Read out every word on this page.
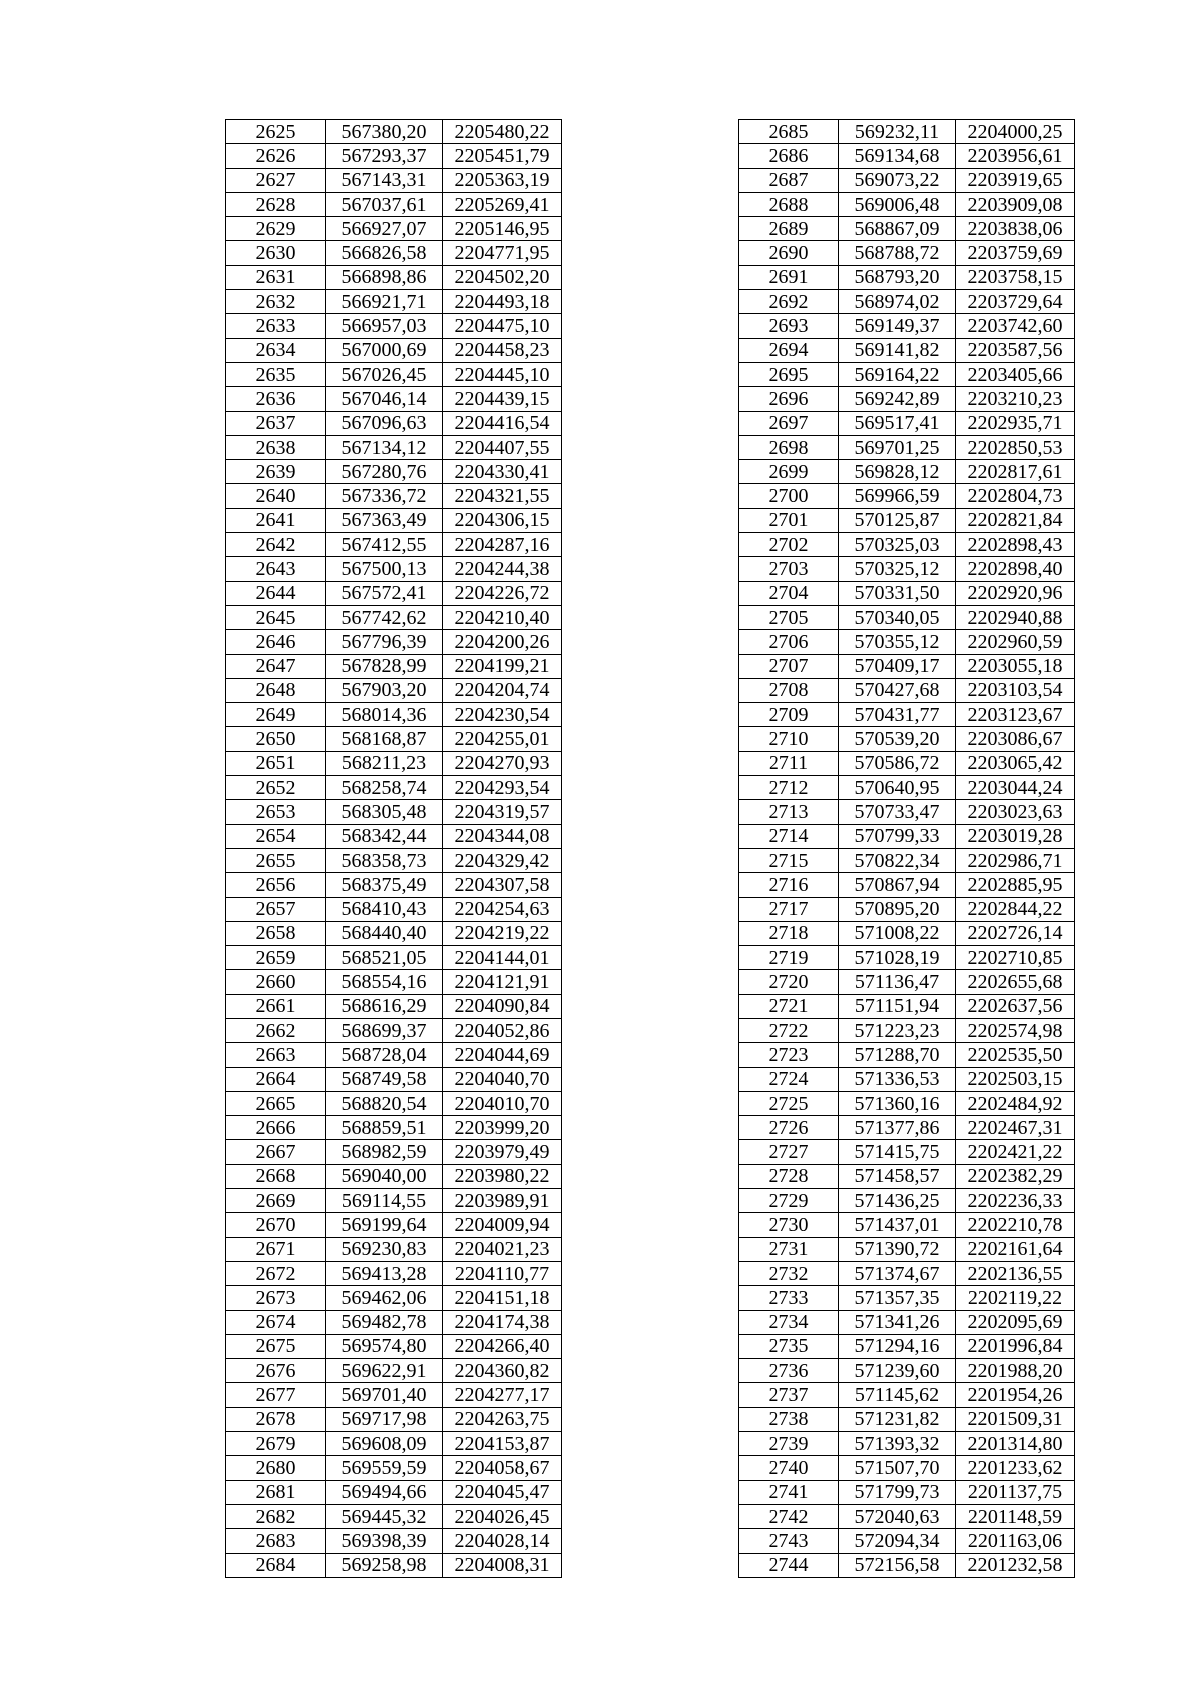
2625	567380,20	2205480,22
2626	567293,37	2205451,79
2627	567143,31	2205363,19
2628	567037,61	2205269,41
2629	566927,07	2205146,95
2630	566826,58	2204771,95
2631	566898,86	2204502,20
2632	566921,71	2204493,18
2633	566957,03	2204475,10
2634	567000,69	2204458,23
2635	567026,45	2204445,10
2636	567046,14	2204439,15
2637	567096,63	2204416,54
2638	567134,12	2204407,55
2639	567280,76	2204330,41
2640	567336,72	2204321,55
2641	567363,49	2204306,15
2642	567412,55	2204287,16
2643	567500,13	2204244,38
2644	567572,41	2204226,72
2645	567742,62	2204210,40
2646	567796,39	2204200,26
2647	567828,99	2204199,21
2648	567903,20	2204204,74
2649	568014,36	2204230,54
2650	568168,87	2204255,01
2651	568211,23	2204270,93
2652	568258,74	2204293,54
2653	568305,48	2204319,57
2654	568342,44	2204344,08
2655	568358,73	2204329,42
2656	568375,49	2204307,58
2657	568410,43	2204254,63
2658	568440,40	2204219,22
2659	568521,05	2204144,01
2660	568554,16	2204121,91
2661	568616,29	2204090,84
2662	568699,37	2204052,86
2663	568728,04	2204044,69
2664	568749,58	2204040,70
2665	568820,54	2204010,70
2666	568859,51	2203999,20
2667	568982,59	2203979,49
2668	569040,00	2203980,22
2669	569114,55	2203989,91
2670	569199,64	2204009,94
2671	569230,83	2204021,23
2672	569413,28	2204110,77
2673	569462,06	2204151,18
2674	569482,78	2204174,38
2675	569574,80	2204266,40
2676	569622,91	2204360,82
2677	569701,40	2204277,17
2678	569717,98	2204263,75
2679	569608,09	2204153,87
2680	569559,59	2204058,67
2681	569494,66	2204045,47
2682	569445,32	2204026,45
2683	569398,39	2204028,14
2684	569258,98	2204008,31
2685	569232,11	2204000,25
2686	569134,68	2203956,61
2687	569073,22	2203919,65
2688	569006,48	2203909,08
2689	568867,09	2203838,06
2690	568788,72	2203759,69
2691	568793,20	2203758,15
2692	568974,02	2203729,64
2693	569149,37	2203742,60
2694	569141,82	2203587,56
2695	569164,22	2203405,66
2696	569242,89	2203210,23
2697	569517,41	2202935,71
2698	569701,25	2202850,53
2699	569828,12	2202817,61
2700	569966,59	2202804,73
2701	570125,87	2202821,84
2702	570325,03	2202898,43
2703	570325,12	2202898,40
2704	570331,50	2202920,96
2705	570340,05	2202940,88
2706	570355,12	2202960,59
2707	570409,17	2203055,18
2708	570427,68	2203103,54
2709	570431,77	2203123,67
2710	570539,20	2203086,67
2711	570586,72	2203065,42
2712	570640,95	2203044,24
2713	570733,47	2203023,63
2714	570799,33	2203019,28
2715	570822,34	2202986,71
2716	570867,94	2202885,95
2717	570895,20	2202844,22
2718	571008,22	2202726,14
2719	571028,19	2202710,85
2720	571136,47	2202655,68
2721	571151,94	2202637,56
2722	571223,23	2202574,98
2723	571288,70	2202535,50
2724	571336,53	2202503,15
2725	571360,16	2202484,92
2726	571377,86	2202467,31
2727	571415,75	2202421,22
2728	571458,57	2202382,29
2729	571436,25	2202236,33
2730	571437,01	2202210,78
2731	571390,72	2202161,64
2732	571374,67	2202136,55
2733	571357,35	2202119,22
2734	571341,26	2202095,69
2735	571294,16	2201996,84
2736	571239,60	2201988,20
2737	571145,62	2201954,26
2738	571231,82	2201509,31
2739	571393,32	2201314,80
2740	571507,70	2201233,62
2741	571799,73	2201137,75
2742	572040,63	2201148,59
2743	572094,34	2201163,06
2744	572156,58	2201232,58
